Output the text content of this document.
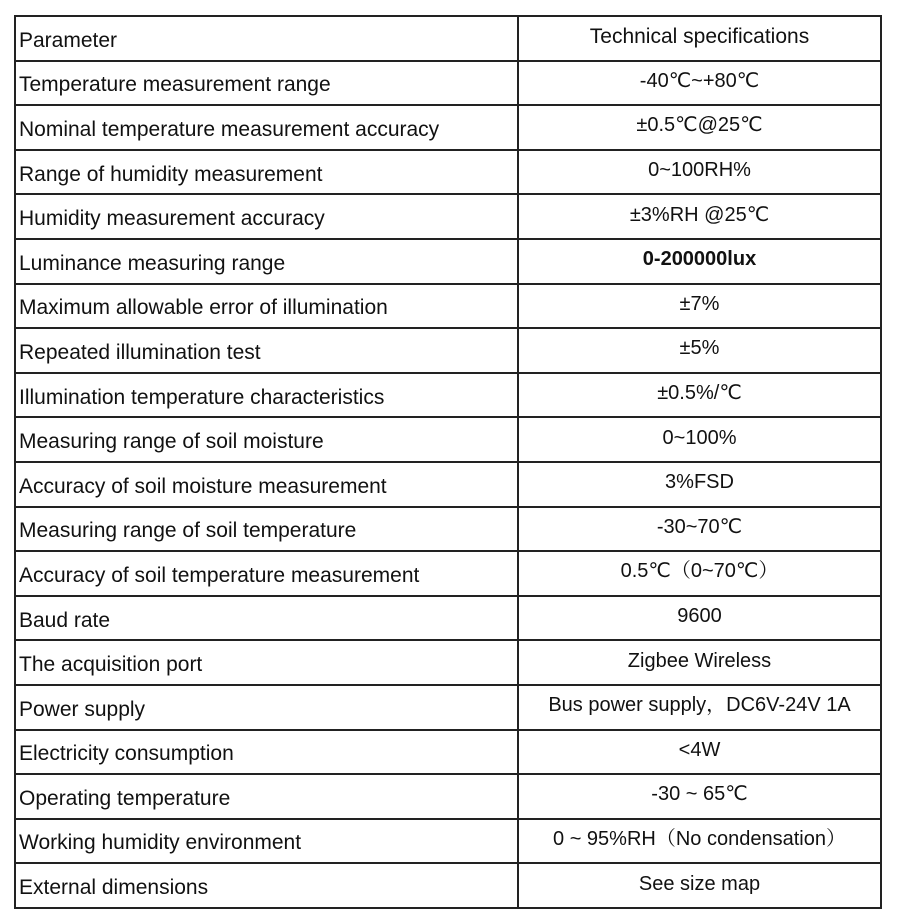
Parameter	Technical specifications
Temperature measurement range	-40℃~+80℃
Nominal temperature measurement accuracy	±0.5℃@25℃
Range of humidity measurement	0~100RH%
Humidity measurement accuracy	±3%RH @25℃
Luminance measuring range	0-200000lux
Maximum allowable error of illumination	±7%
Repeated illumination test	±5%
Illumination temperature characteristics	±0.5%/℃
Measuring range of soil moisture	0~100%
Accuracy of soil moisture measurement	3%FSD
Measuring range of soil temperature	-30~70℃
Accuracy of soil temperature measurement	0.5℃（0~70℃）
Baud rate	9600
The acquisition port	Zigbee Wireless
Power supply	Bus power supply，DC6V-24V 1A
Electricity consumption	<4W
Operating temperature	-30 ~ 65℃
Working humidity environment	0 ~ 95%RH（No condensation）
External dimensions	See size map
